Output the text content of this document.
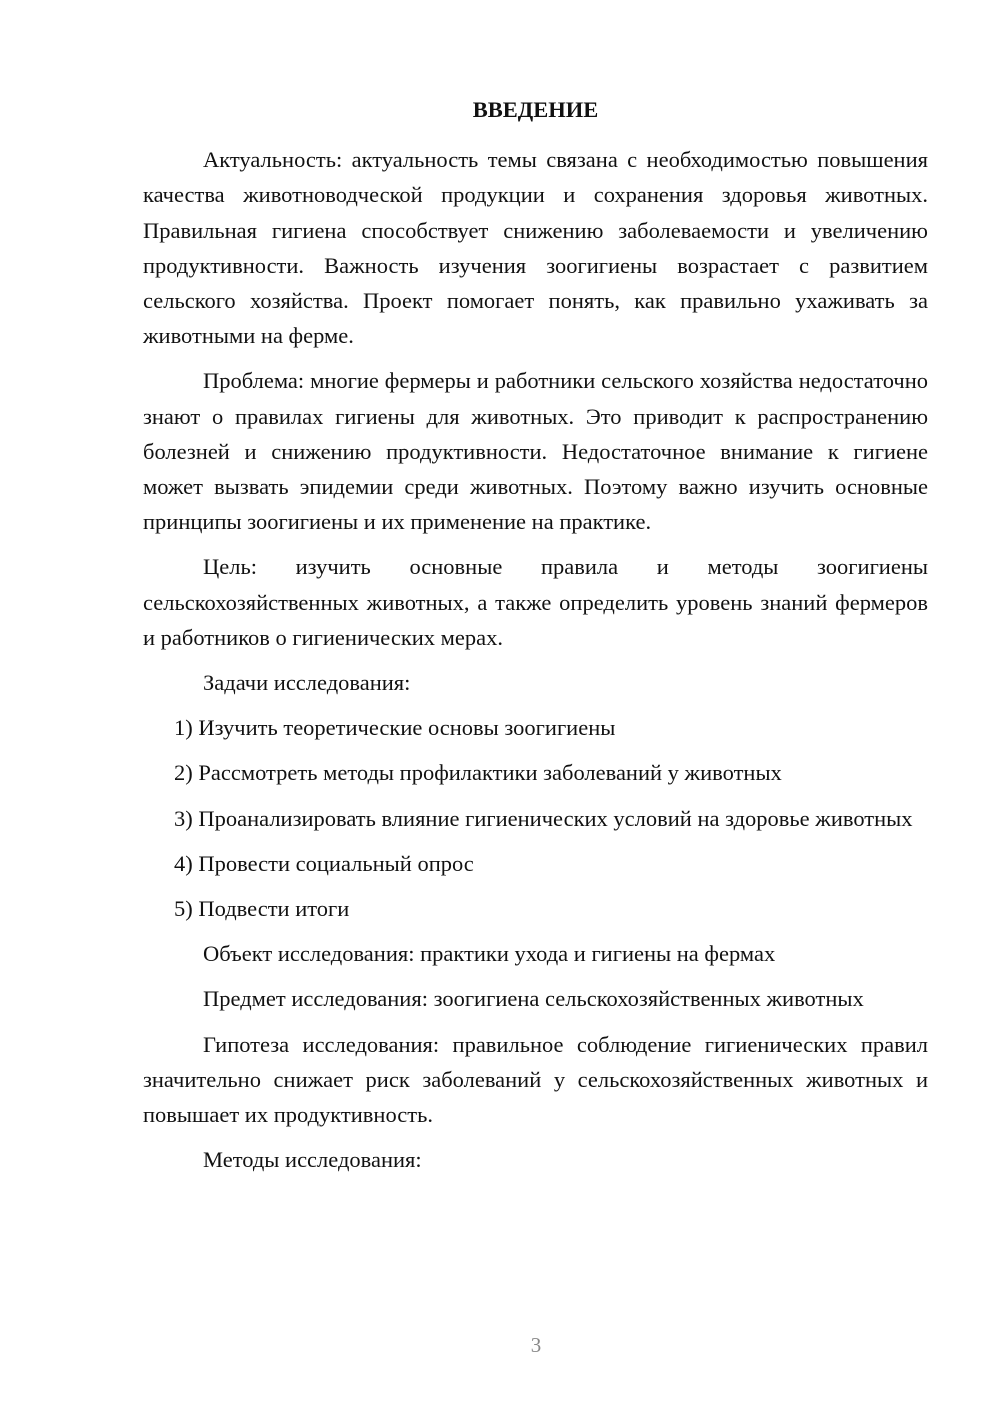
ВВЕДЕНИЕ

Актуальность: актуальность темы связана с необходимостью повышения качества животноводческой продукции и сохранения здоровья животных. Правильная гигиена способствует снижению заболеваемости и увеличению продуктивности. Важность изучения зоогигиены возрастает с развитием сельского хозяйства. Проект помогает понять, как правильно ухаживать за животными на ферме.

Проблема: многие фермеры и работники сельского хозяйства недостаточно знают о правилах гигиены для животных. Это приводит к распространению болезней и снижению продуктивности. Недостаточное внимание к гигиене может вызвать эпидемии среди животных. Поэтому важно изучить основные принципы зоогигиены и их применение на практике.

Цель: изучить основные правила и методы зоогигиены сельскохозяйственных животных, а также определить уровень знаний фермеров и работников о гигиенических мерах.

Задачи исследования:

1) Изучить теоретические основы зоогигиены

2) Рассмотреть методы профилактики заболеваний у животных

3) Проанализировать влияние гигиенических условий на здоровье животных

4) Провести социальный опрос

5) Подвести итоги

Объект исследования: практики ухода и гигиены на фермах

Предмет исследования: зоогигиена сельскохозяйственных животных

Гипотеза исследования: правильное соблюдение гигиенических правил значительно снижает риск заболеваний у сельскохозяйственных животных и повышает их продуктивность.

Методы исследования:

3
